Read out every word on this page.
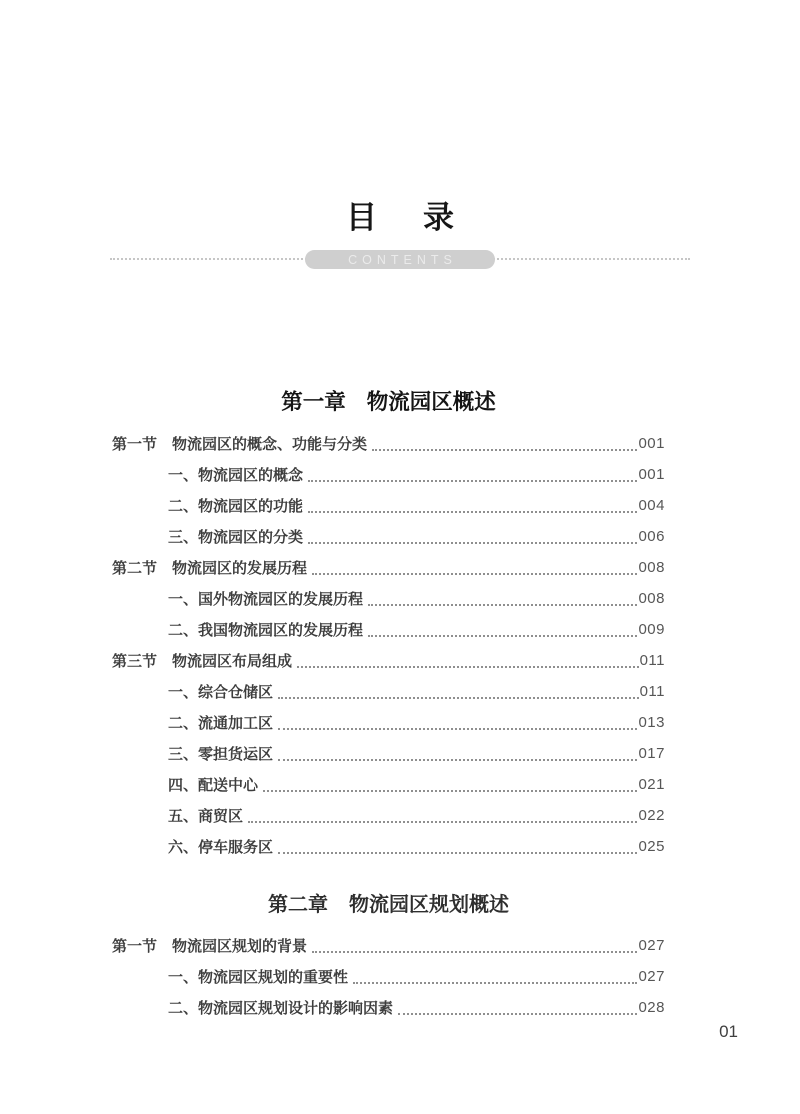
目 录
CONTENTS
第一章 物流园区概述
第一节 物流园区的概念、功能与分类	001
一、物流园区的概念	001
二、物流园区的功能	004
三、物流园区的分类	006
第二节 物流园区的发展历程	008
一、国外物流园区的发展历程	008
二、我国物流园区的发展历程	009
第三节 物流园区布局组成	011
一、综合仓储区	011
二、流通加工区	013
三、零担货运区	017
四、配送中心	021
五、商贸区	022
六、停车服务区	025
第二章 物流园区规划概述
第一节 物流园区规划的背景	027
一、物流园区规划的重要性	027
二、物流园区规划设计的影响因素	028
01
